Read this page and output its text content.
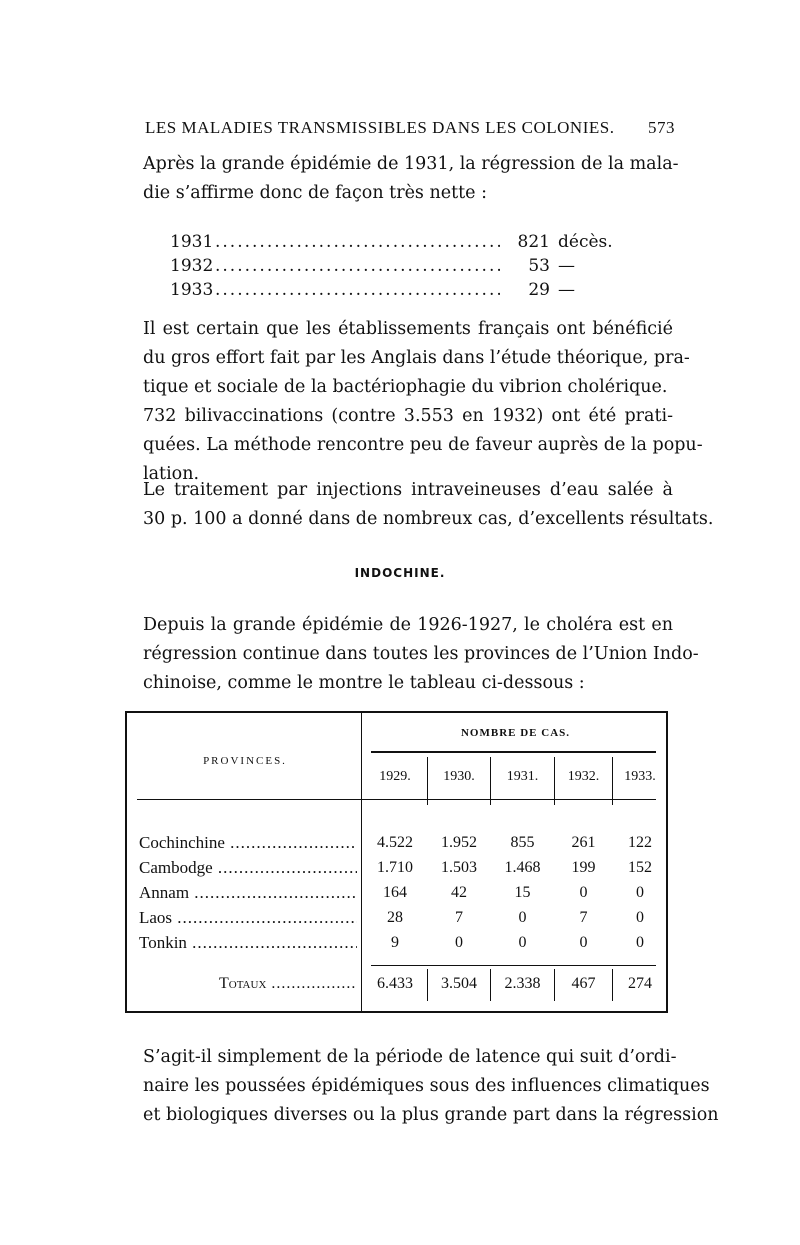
LES MALADIES TRANSMISSIBLES DANS LES COLONIES. 573

Après la grande épidémie de 1931, la régression de la mala-
die s’affirme donc de façon très nette :

1931 .....	821 décès.
1932 .....	53 —
1933 .....	29 —

Il est certain que les établissements français ont bénéficié
du gros effort fait par les Anglais dans l’étude théorique, pra-
tique et sociale de la bactériophagie du vibrion cholérique.

732 bilivaccinations (contre 3.553 en 1932) ont été prati-
quées. La méthode rencontre peu de faveur auprès de la popu-
lation.

Le traitement par injections intraveineuses d’eau salée à
30 p. 100 a donné dans de nombreux cas, d’excellents résultats.

INDOCHINE.

Depuis la grande épidémie de 1926-1927, le choléra est en
régression continue dans toutes les provinces de l’Union Indo-
chinoise, comme le montre le tableau ci-dessous :

PROVINCES.
NOMBRE DE CAS.
1929.	1930.	1931.	1932.	1933.
Cochinchine .....	4.522	1.952	855	261	122
Cambodge .....	1.710	1.503	1.468	199	152
Annam .....	164	42	15	0	0
Laos .....	28	7	0	7	0
Tonkin .....	9	0	0	0	0
Totaux .....	6.433	3.504	2.338	467	274

S’agit-il simplement de la période de latence qui suit d’ordi-
naire les poussées épidémiques sous des influences climatiques
et biologiques diverses ou la plus grande part dans la régression
